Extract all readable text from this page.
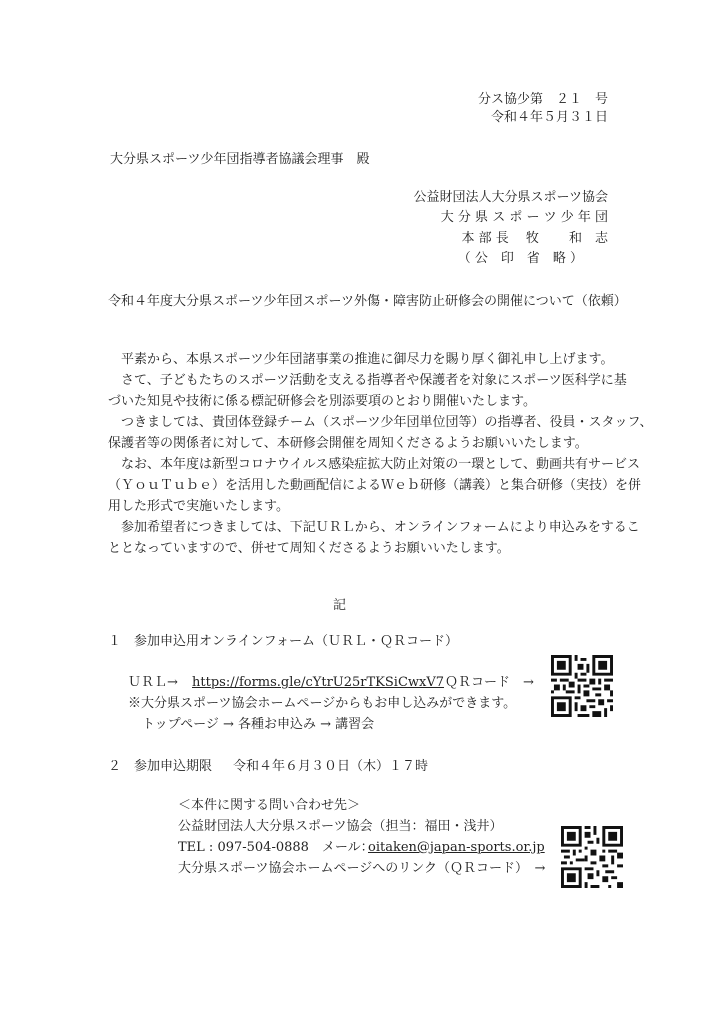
分ス協少第　２１　号
令和４年５月３１日
大分県スポーツ少年団指導者協議会理事　殿
公益財団法人大分県スポーツ協会
大 分 県 ス ポ ー ツ 少 年 団
本 部 長　 牧　　 和　志
（ 公　印　省　略 ）
令和４年度大分県スポーツ少年団スポーツ外傷・障害防止研修会の開催について（依頼）
　平素から、本県スポーツ少年団諸事業の推進に御尽力を賜り厚く御礼申し上げます。
　さて、子どもたちのスポーツ活動を支える指導者や保護者を対象にスポーツ医科学に基
づいた知見や技術に係る標記研修会を別添要項のとおり開催いたします。
　つきましては、貴団体登録チーム（スポーツ少年団単位団等）の指導者、役員・スタッフ、
保護者等の関係者に対して、本研修会開催を周知くださるようお願いいたします。
　なお、本年度は新型コロナウイルス感染症拡大防止対策の一環として、動画共有サービス
（ＹｏｕＴｕｂｅ）を活用した動画配信によるＷｅｂ研修（講義）と集合研修（実技）を併
用した形式で実施いたします。
　参加希望者につきましては、下記ＵＲＬから、オンラインフォームにより申込みをするこ
ととなっていますので、併せて周知くださるようお願いいたします。
記
１　参加申込用オンラインフォーム（ＵＲＬ・ＱＲコード）
ＵＲＬ→ https://forms.gle/cYtrU25rTKSiCwxV7 ＱＲコード　→
※大分県スポーツ協会ホームページからもお申し込みができます。
トップページ → 各種お申込み → 講習会
２　参加申込期限 令和４年６月３０日（木）１７時
＜本件に関する問い合わせ先＞
公益財団法人大分県スポーツ協会（担当：福田・浅井）
TEL : 097-504-0888　メール：
oitaken@japan-sports.or.jp
大分県スポーツ協会ホームページへのリンク（ＱＲコード）　→
